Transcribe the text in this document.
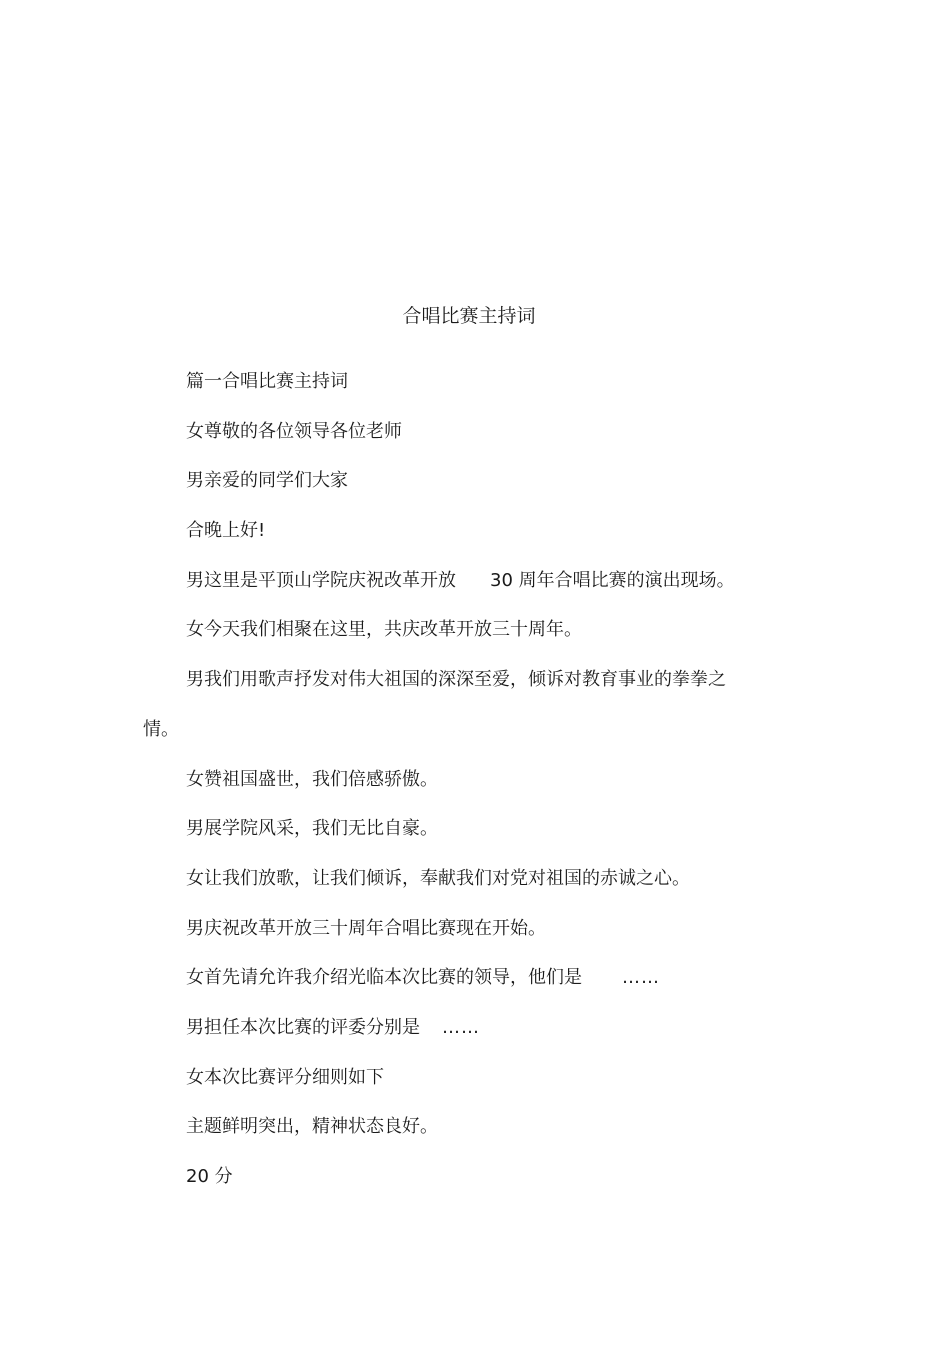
合唱比赛主持词
篇一合唱比赛主持词
女尊敬的各位领导各位老师
男亲爱的同学们大家
合晚上好!
男这里是平顶山学院庆祝改革开放 30 周年合唱比赛的演出现场。
女今天我们相聚在这里，共庆改革开放三十周年。
男我们用歌声抒发对伟大祖国的深深至爱，倾诉对教育事业的拳拳之
情。
女赞祖国盛世，我们倍感骄傲。
男展学院风采，我们无比自豪。
女让我们放歌，让我们倾诉，奉献我们对党对祖国的赤诚之心。
男庆祝改革开放三十周年合唱比赛现在开始。
女首先请允许我介绍光临本次比赛的领导，他们是 ……
男担任本次比赛的评委分别是 ……
女本次比赛评分细则如下
主题鲜明突出，精神状态良好。
20 分
